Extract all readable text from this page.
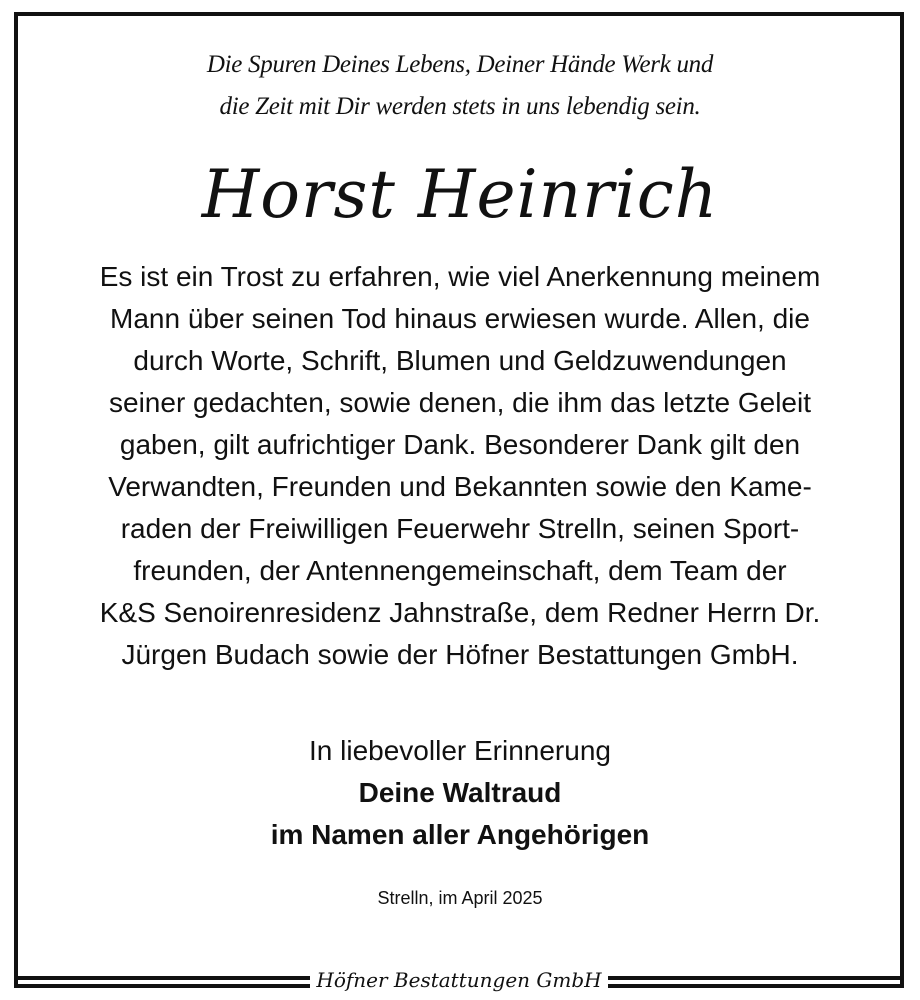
Die Spuren Deines Lebens, Deiner Hände Werk und
die Zeit mit Dir werden stets in uns lebendig sein.
Horst Heinrich
Es ist ein Trost zu erfahren, wie viel Anerkennung meinem
Mann über seinen Tod hinaus erwiesen wurde. Allen, die
durch Worte, Schrift, Blumen und Geldzuwendungen
seiner gedachten, sowie denen, die ihm das letzte Geleit
gaben, gilt aufrichtiger Dank. Besonderer Dank gilt den
Verwandten, Freunden und Bekannten sowie den Kame-
raden der Freiwilligen Feuerwehr Strelln, seinen Sport-
freunden, der Antennengemeinschaft, dem Team der
K&S Senoirenresidenz Jahnstraße, dem Redner Herrn Dr.
Jürgen Budach sowie der Höfner Bestattungen GmbH.
In liebevoller Erinnerung
Deine Waltraud
im Namen aller Angehörigen
Strelln, im April 2025
Höfner Bestattungen GmbH
